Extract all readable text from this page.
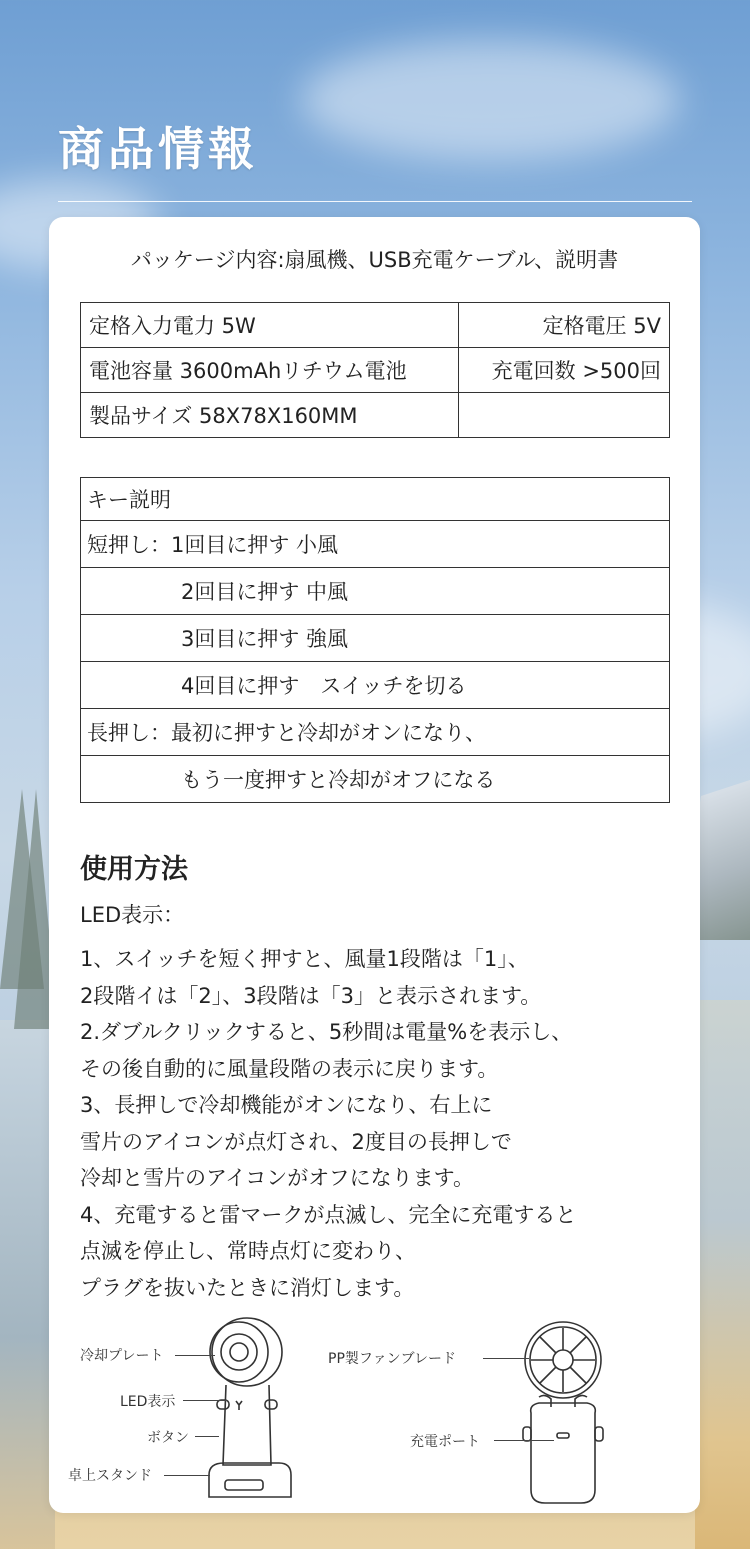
商品情報
パッケージ内容:扇風機、USB充電ケーブル、説明書
定格入力電力 5W	定格電圧 5V
電池容量 3600mAhリチウム電池	充電回数 >500回
製品サイズ 58X78X160MM	
キー説明
短押し：1回目に押す 小風
2回目に押す 中風
3回目に押す 強風
4回目に押す　スイッチを切る
長押し：最初に押すと冷却がオンになり、
もう一度押すと冷却がオフになる
使用方法
LED表示：
1、スイッチを短く押すと、風量1段階は「1」、
2段階イは「2」、3段階は「3」と表示されます。
2.ダブルクリックすると、5秒間は電量%を表示し、
その後自動的に風量段階の表示に戻ります。
3、長押しで冷却機能がオンになり、右上に
雪片のアイコンが点灯され、2度目の長押しで
冷却と雪片のアイコンがオフになります。
4、充電すると雷マークが点滅し、完全に充電すると
点滅を停止し、常時点灯に変わり、
プラグを抜いたときに消灯します。
冷却プレート
LED表示
ボタン
卓上スタンド
PP製ファンブレード
充電ポート
